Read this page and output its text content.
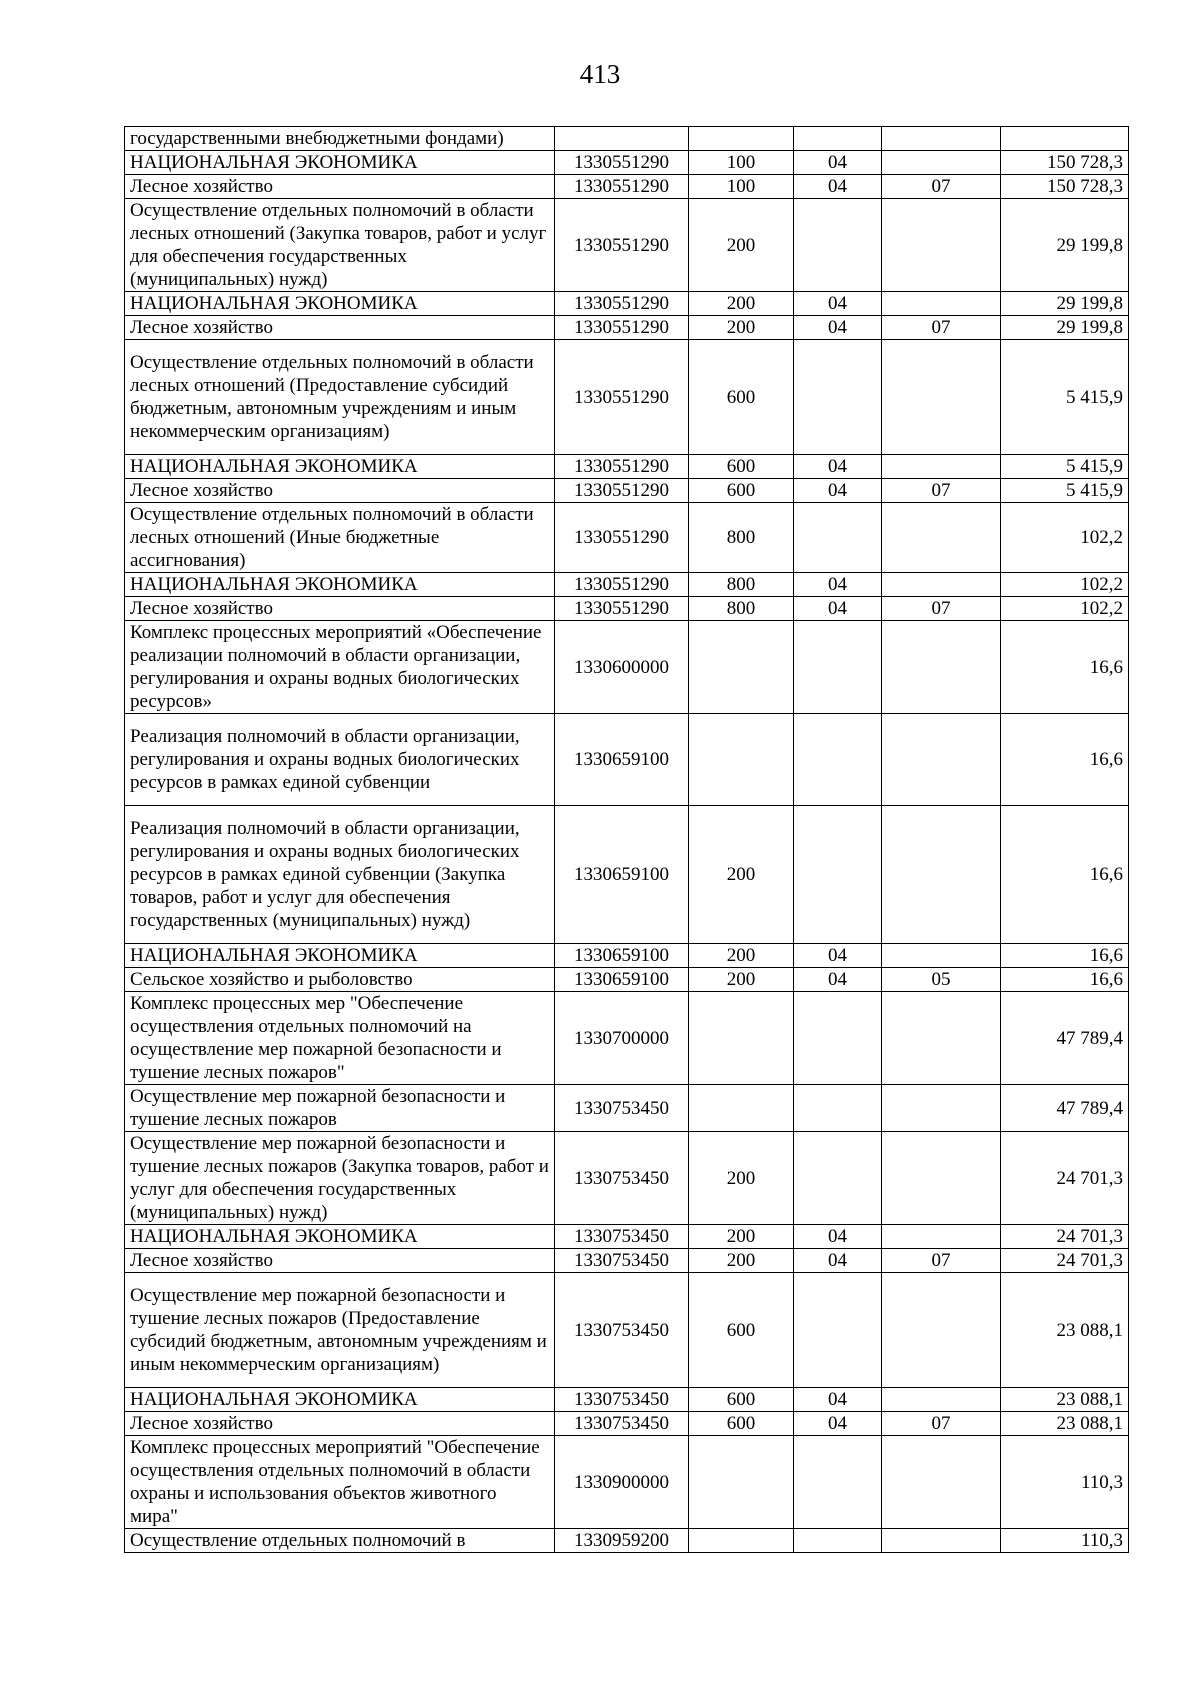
413
государственными внебюджетными фондами)					
НАЦИОНАЛЬНАЯ ЭКОНОМИКА	1330551290	100	04		150 728,3
Лесное хозяйство	1330551290	100	04	07	150 728,3
Осуществление отдельных полномочий в области лесных отношений (Закупка товаров, работ и услуг для обеспечения государственных (муниципальных) нужд)	1330551290	200			29 199,8
НАЦИОНАЛЬНАЯ ЭКОНОМИКА	1330551290	200	04		29 199,8
Лесное хозяйство	1330551290	200	04	07	29 199,8
Осуществление отдельных полномочий в области лесных отношений (Предоставление субсидий бюджетным, автономным учреждениям и иным некоммерческим организациям)	1330551290	600			5 415,9
НАЦИОНАЛЬНАЯ ЭКОНОМИКА	1330551290	600	04		5 415,9
Лесное хозяйство	1330551290	600	04	07	5 415,9
Осуществление отдельных полномочий в области лесных отношений (Иные бюджетные ассигнования)	1330551290	800			102,2
НАЦИОНАЛЬНАЯ ЭКОНОМИКА	1330551290	800	04		102,2
Лесное хозяйство	1330551290	800	04	07	102,2
Комплекс процессных мероприятий «Обеспечение реализации полномочий в области организации, регулирования и охраны водных биологических ресурсов»	1330600000				16,6
Реализация полномочий в области организации, регулирования и охраны водных биологических ресурсов в рамках единой субвенции	1330659100				16,6
Реализация полномочий в области организации, регулирования и охраны водных биологических ресурсов в рамках единой субвенции (Закупка товаров, работ и услуг для обеспечения государственных (муниципальных) нужд)	1330659100	200			16,6
НАЦИОНАЛЬНАЯ ЭКОНОМИКА	1330659100	200	04		16,6
Сельское хозяйство и рыболовство	1330659100	200	04	05	16,6
Комплекс процессных мер "Обеспечение осуществления отдельных полномочий на осуществление мер пожарной безопасности и тушение лесных пожаров"	1330700000				47 789,4
Осуществление мер пожарной безопасности и тушение лесных пожаров	1330753450				47 789,4
Осуществление мер пожарной безопасности и тушение лесных пожаров (Закупка товаров, работ и услуг для обеспечения государственных (муниципальных) нужд)	1330753450	200			24 701,3
НАЦИОНАЛЬНАЯ ЭКОНОМИКА	1330753450	200	04		24 701,3
Лесное хозяйство	1330753450	200	04	07	24 701,3
Осуществление мер пожарной безопасности и тушение лесных пожаров (Предоставление субсидий бюджетным, автономным учреждениям и иным некоммерческим организациям)	1330753450	600			23 088,1
НАЦИОНАЛЬНАЯ ЭКОНОМИКА	1330753450	600	04		23 088,1
Лесное хозяйство	1330753450	600	04	07	23 088,1
Комплекс процессных мероприятий "Обеспечение осуществления отдельных полномочий в области охраны и использования объектов животного мира"	1330900000				110,3
Осуществление отдельных полномочий в	1330959200				110,3
